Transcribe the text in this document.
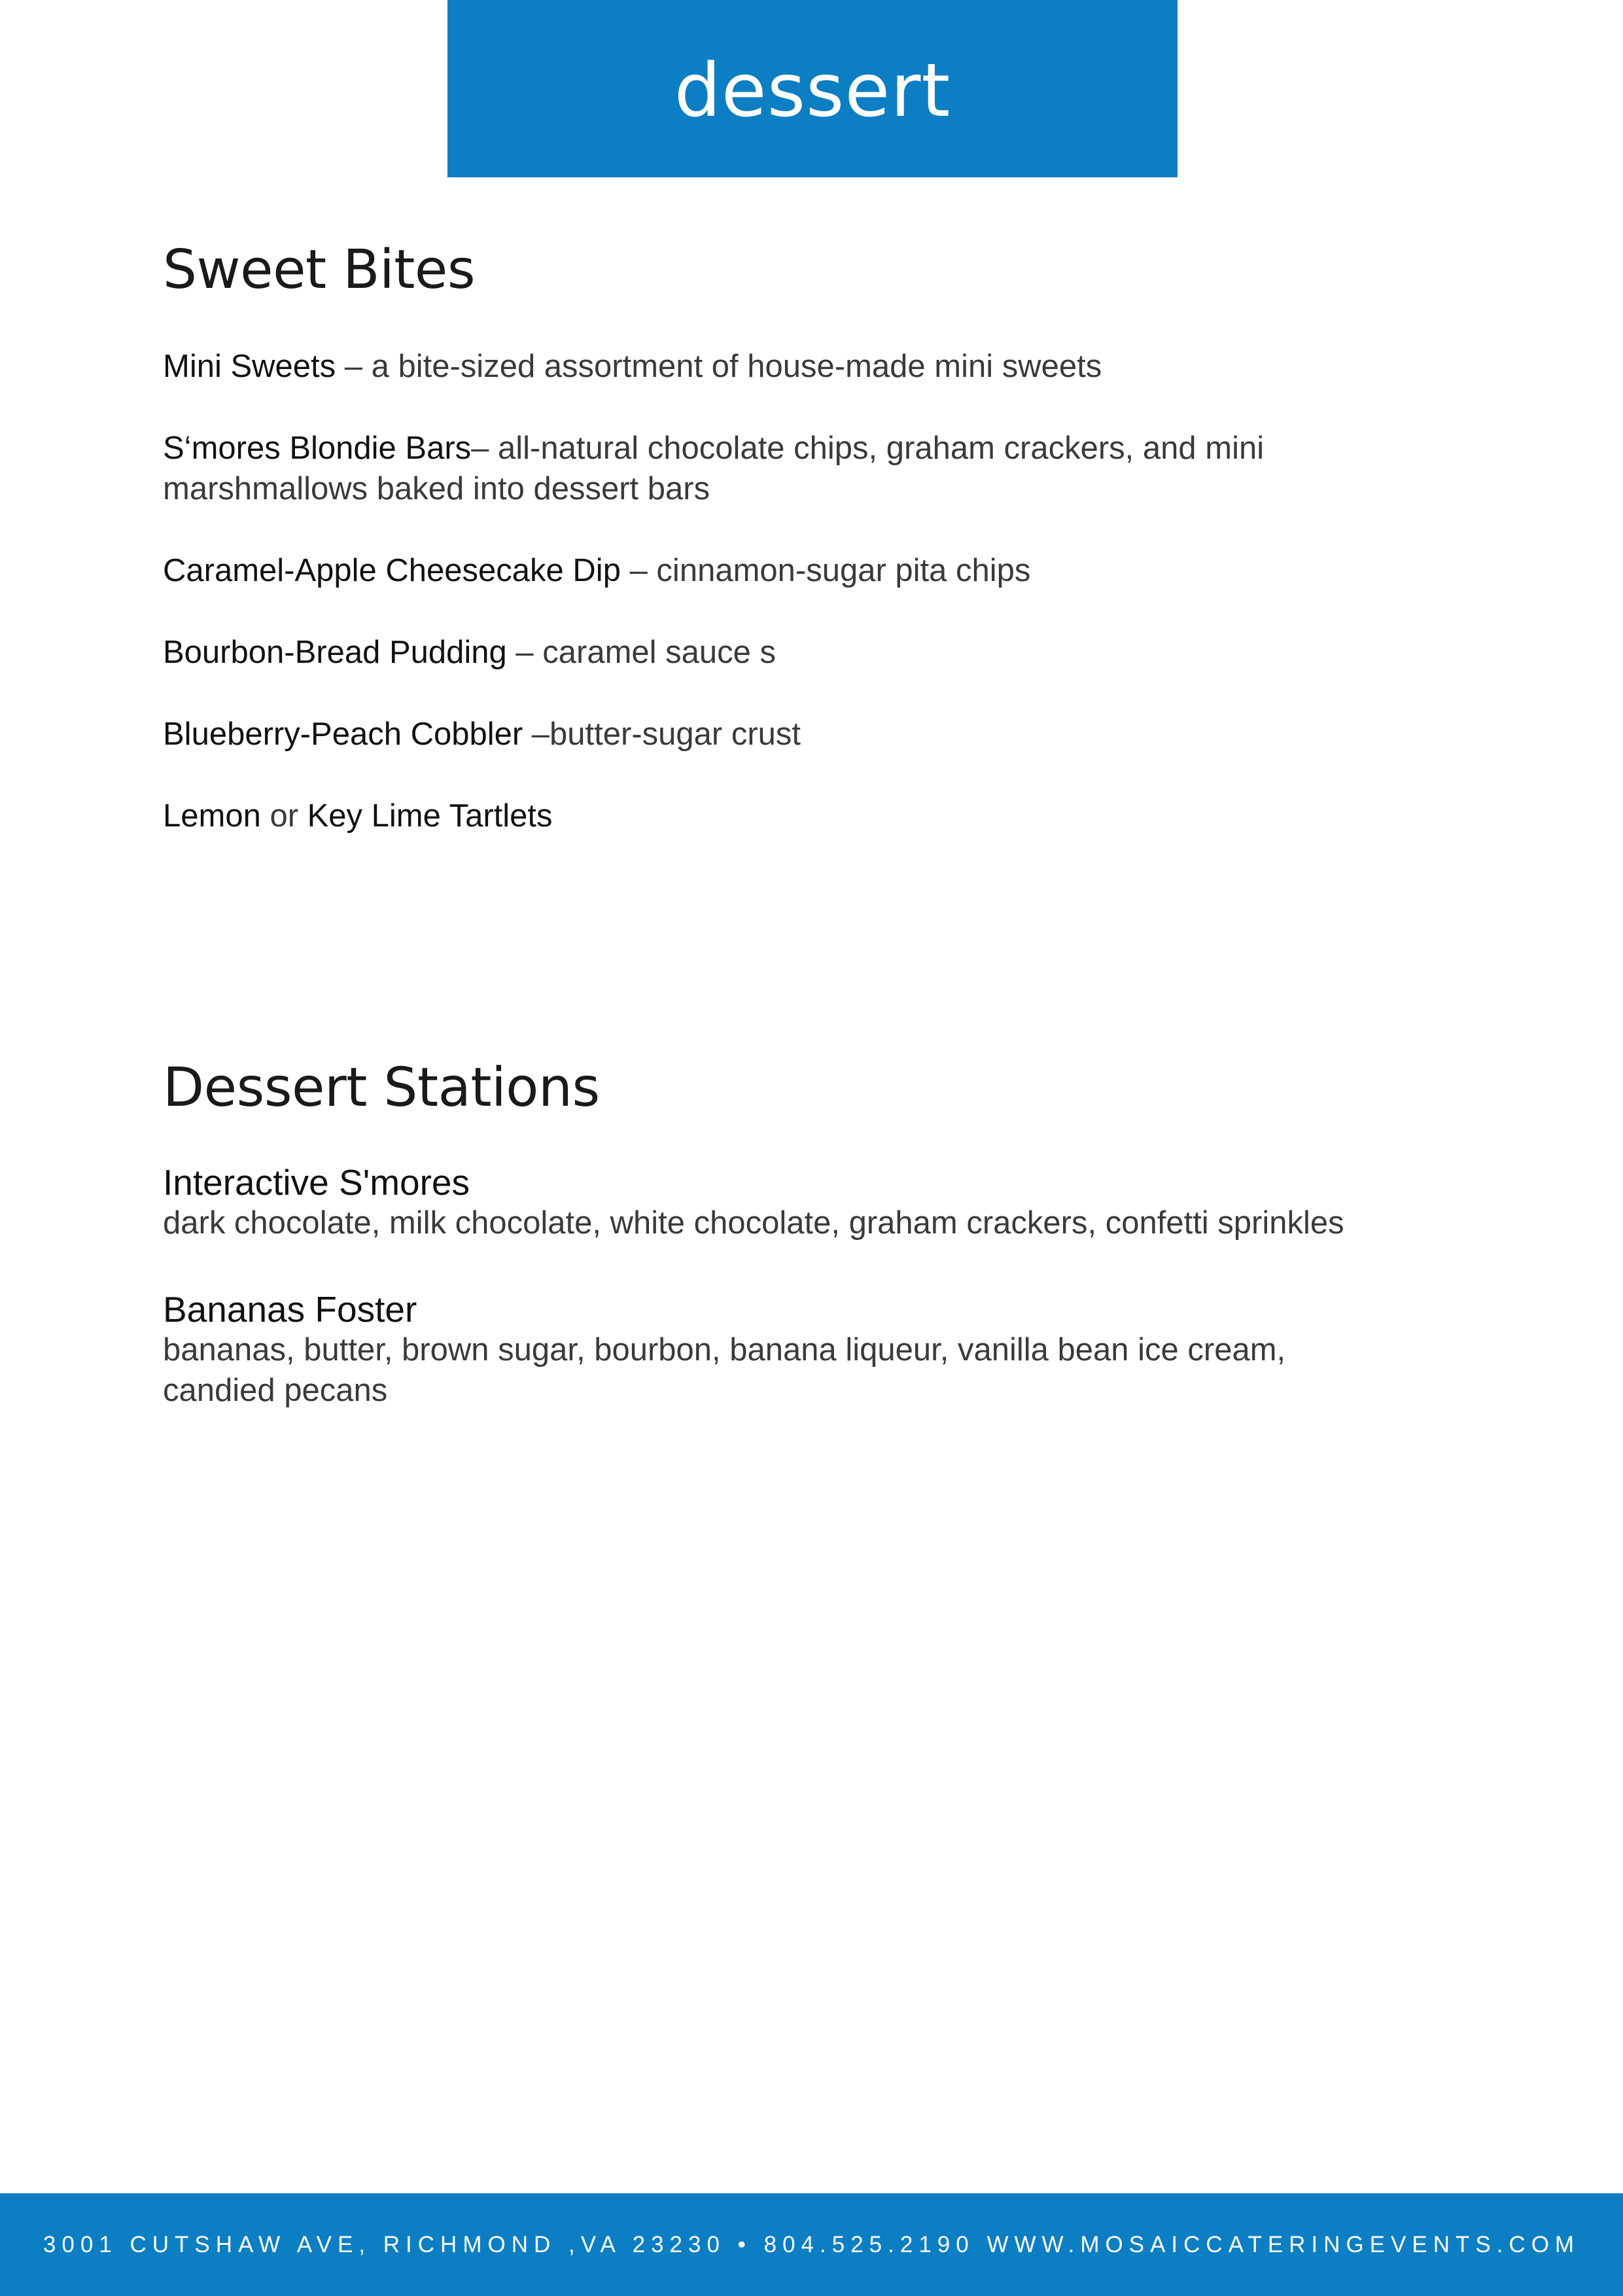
dessert
Sweet Bites
Mini Sweets – a bite-sized assortment of house-made mini sweets
S‘mores Blondie Bars– all-natural chocolate chips, graham crackers, and mini marshmallows baked into dessert bars
Caramel-Apple Cheesecake Dip – cinnamon-sugar pita chips
Bourbon-Bread Pudding – caramel sauce s
Blueberry-Peach Cobbler –butter-sugar crust
Lemon or Key Lime Tartlets
Dessert Stations
Interactive S'mores
dark chocolate, milk chocolate, white chocolate, graham crackers, confetti sprinkles
Bananas Foster
bananas, butter, brown sugar, bourbon, banana liqueur, vanilla bean ice cream, candied pecans
3001 CUTSHAW AVE, RICHMOND ,VA 23230 • 804.525.2190 WWW.MOSAICCATERINGEVENTS.COM
